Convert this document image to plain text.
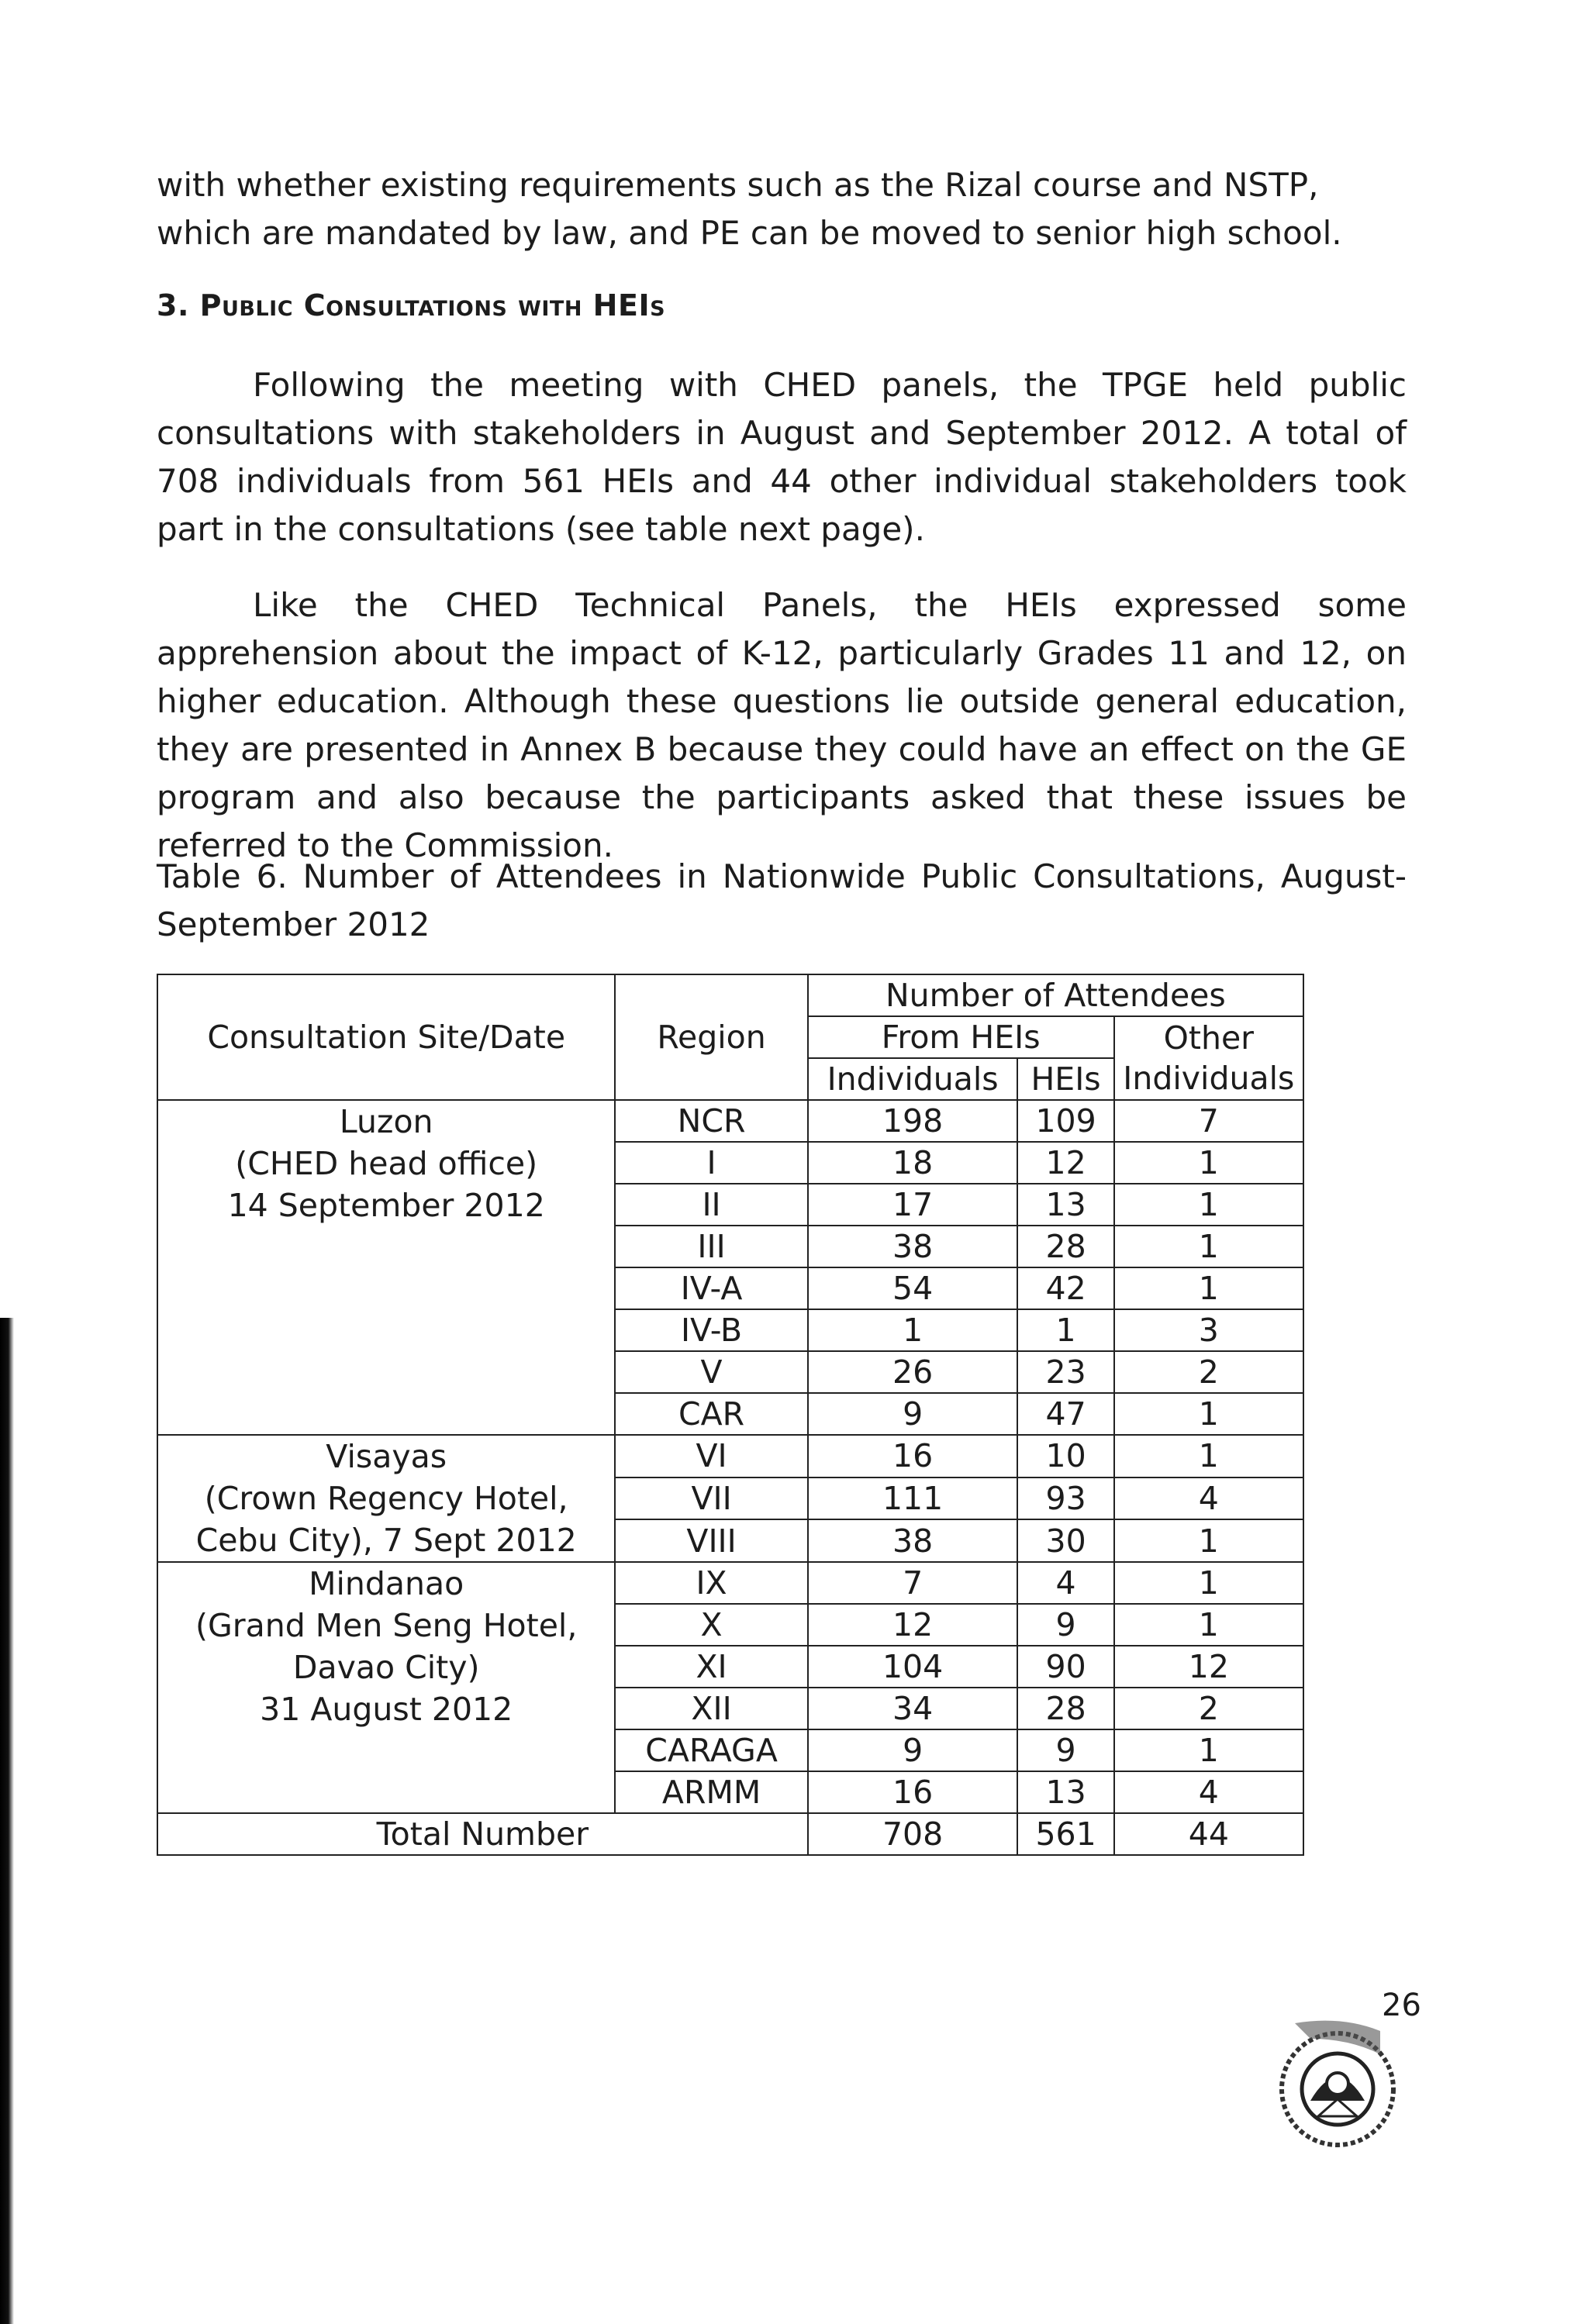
with whether existing requirements such as the Rizal course and NSTP, which are mandated by law, and PE can be moved to senior high school.

3. Public Consultations with HEIs

Following the meeting with CHED panels, the TPGE held public consultations with stakeholders in August and September 2012. A total of 708 individuals from 561 HEIs and 44 other individual stakeholders took part in the consultations (see table next page).

Like the CHED Technical Panels, the HEIs expressed some apprehension about the impact of K-12, particularly Grades 11 and 12, on higher education. Although these questions lie outside general education, they are presented in Annex B because they could have an effect on the GE program and also because the participants asked that these issues be referred to the Commission.

Table 6. Number of Attendees in Nationwide Public Consultations, August-September 2012

Consultation Site/Date	Region	Number of Attendees		
		From HEIs		Other Individuals
		Individuals	HEIs	

Luzon
(CHED head office)
14 September 2012	NCR	198	109	7
	I	18	12	1
	II	17	13	1
	III	38	28	1
	IV-A	54	42	1
	IV-B	1	1	3
	V	26	23	2
	CAR	9	47	1

Visayas
(Crown Regency Hotel,
Cebu City), 7 Sept 2012	VI	16	10	1
	VII	111	93	4
	VIII	38	30	1

Mindanao
(Grand Men Seng Hotel,
Davao City)
31 August 2012	IX	7	4	1
	X	12	9	1
	XI	104	90	12
	XII	34	28	2
	CARAGA	9	9	1
	ARMM	16	13	4
Total Number		708	561	44
26
